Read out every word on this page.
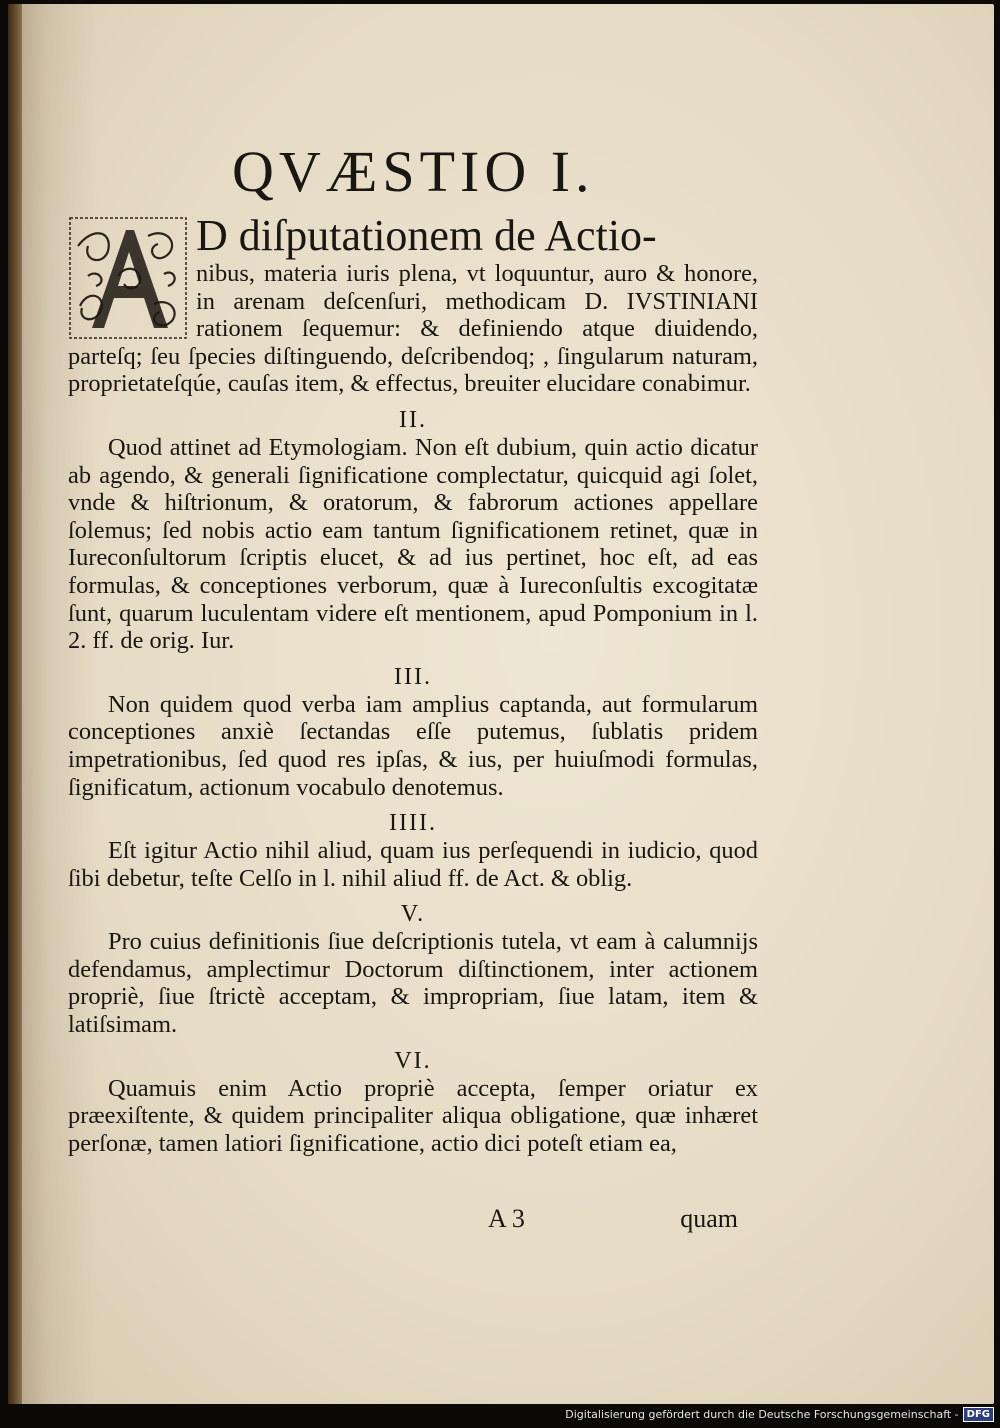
QVÆSTIO I.

D diſputationem de Actio-

nibus, materia iuris plena, vt loquuntur, auro & honore, in arenam deſcenſuri, methodicam D. IVSTINIANI rationem ſequemur: & definiendo atque diuidendo, parteſq; ſeu ſpecies diſtinguendo, deſcribendoq; , ſingularum naturam, proprietateſqúe, cauſas item, & effectus, breuiter elucidare conabimur.

II.

Quod attinet ad Etymologiam. Non eſt dubium, quin actio dicatur ab agendo, & generali ſignificatione complectatur, quicquid agi ſolet, vnde & hiſtrionum, & oratorum, & fabrorum actiones appellare ſolemus; ſed nobis actio eam tantum ſignificationem retinet, quæ in Iureconſultorum ſcriptis elucet, & ad ius pertinet, hoc eſt, ad eas formulas, & conceptiones verborum, quæ à Iureconſultis excogitatæ ſunt, quarum luculentam videre eſt mentionem, apud Pomponium in l. 2. ff. de orig. Iur.

III.

Non quidem quod verba iam amplius captanda, aut formularum conceptiones anxiè ſectandas eſſe putemus, ſublatis pridem impetrationibus, ſed quod res ipſas, & ius, per huiuſmodi formulas, ſignificatum, actionum vocabulo denotemus.

IIII.

Eſt igitur Actio nihil aliud, quam ius perſequendi in iudicio, quod ſibi debetur, teſte Celſo in l. nihil aliud ff. de Act. & oblig.

V.

Pro cuius definitionis ſiue deſcriptionis tutela, vt eam à calumnijs defendamus, amplectimur Doctorum diſtinctionem, inter actionem propriè, ſiue ſtrictè acceptam, & impropriam, ſiue latam, item & latiſsimam.

VI.

Quamuis enim Actio propriè accepta, ſemper oriatur ex præexiſtente, & quidem principaliter aliqua obligatione, quæ inhæret perſonæ, tamen latiori ſignificatione, actio dici poteſt etiam ea,

A 3	quam
Digitalisierung gefördert durch die Deutsche Forschungsgemeinschaft - DFG
